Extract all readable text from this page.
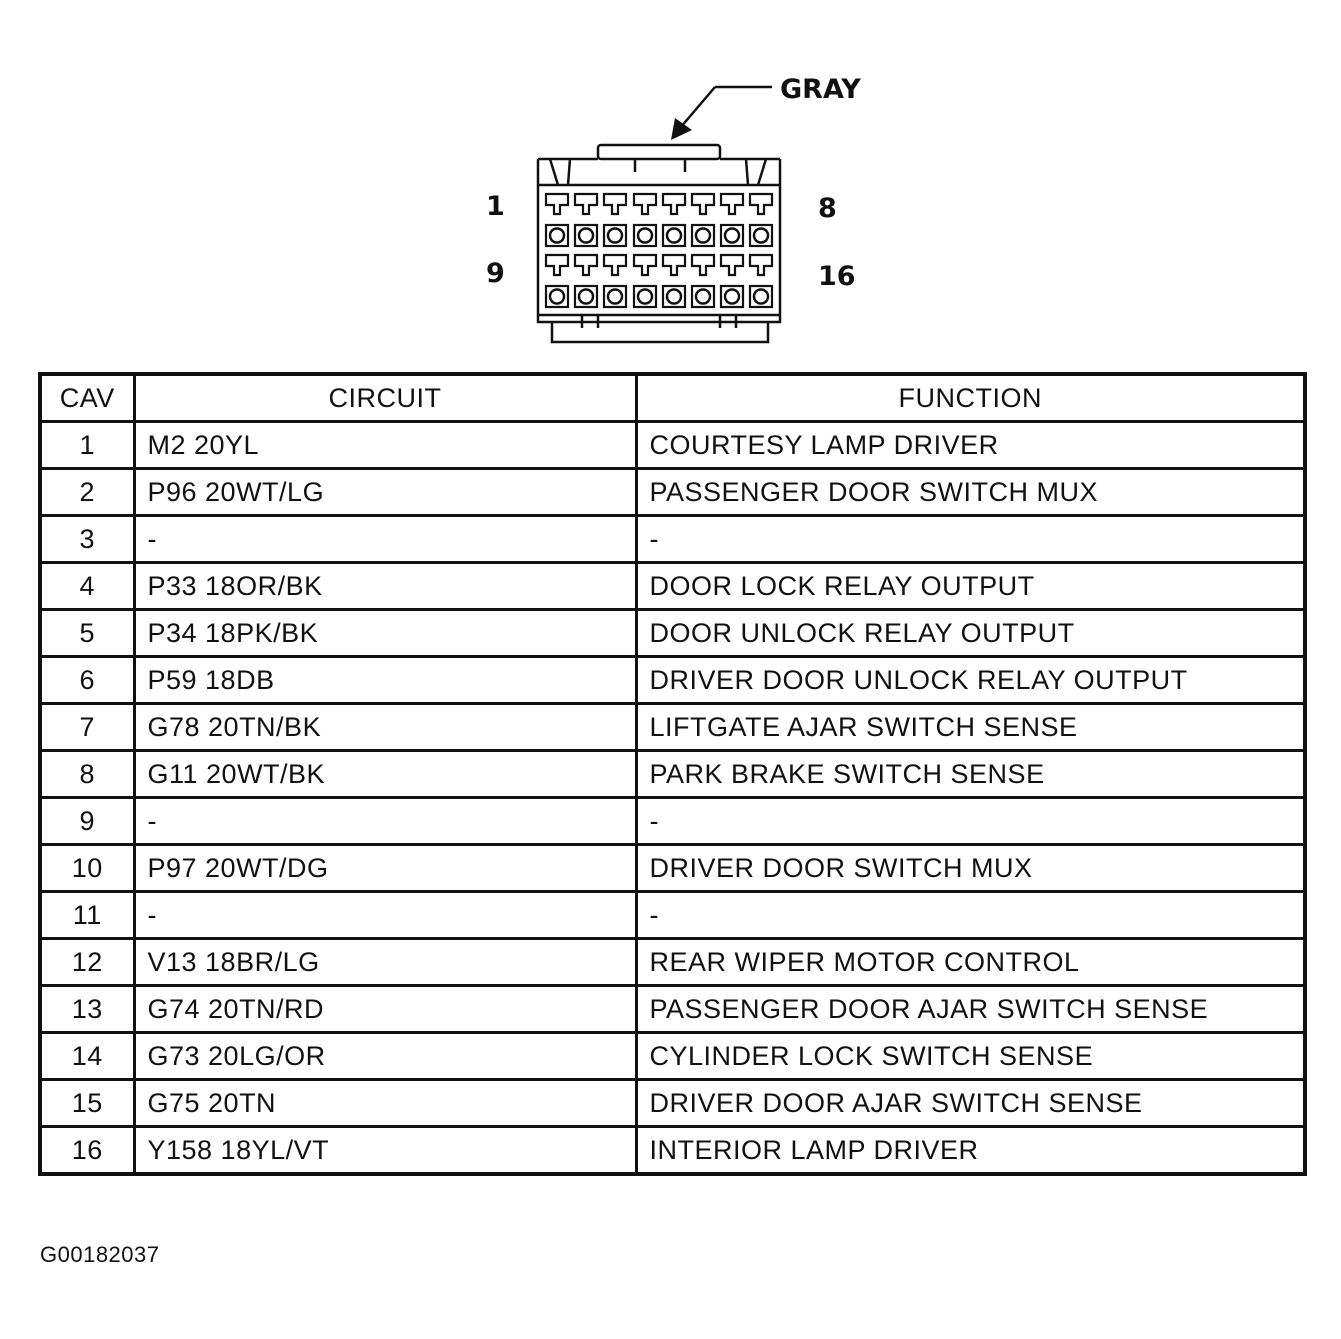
GRAY
1	8
9	16
CAV	CIRCUIT	FUNCTION
1	M2 20YL	COURTESY LAMP DRIVER
2	P96 20WT/LG	PASSENGER DOOR SWITCH MUX
3	-	-
4	P33 18OR/BK	DOOR LOCK RELAY OUTPUT
5	P34 18PK/BK	DOOR UNLOCK RELAY OUTPUT
6	P59 18DB	DRIVER DOOR UNLOCK RELAY OUTPUT
7	G78 20TN/BK	LIFTGATE AJAR SWITCH SENSE
8	G11 20WT/BK	PARK BRAKE SWITCH SENSE
9	-	-
10	P97 20WT/DG	DRIVER DOOR SWITCH MUX
11	-	-
12	V13 18BR/LG	REAR WIPER MOTOR CONTROL
13	G74 20TN/RD	PASSENGER DOOR AJAR SWITCH SENSE
14	G73 20LG/OR	CYLINDER LOCK SWITCH SENSE
15	G75 20TN	DRIVER DOOR AJAR SWITCH SENSE
16	Y158 18YL/VT	INTERIOR LAMP DRIVER
G00182037
